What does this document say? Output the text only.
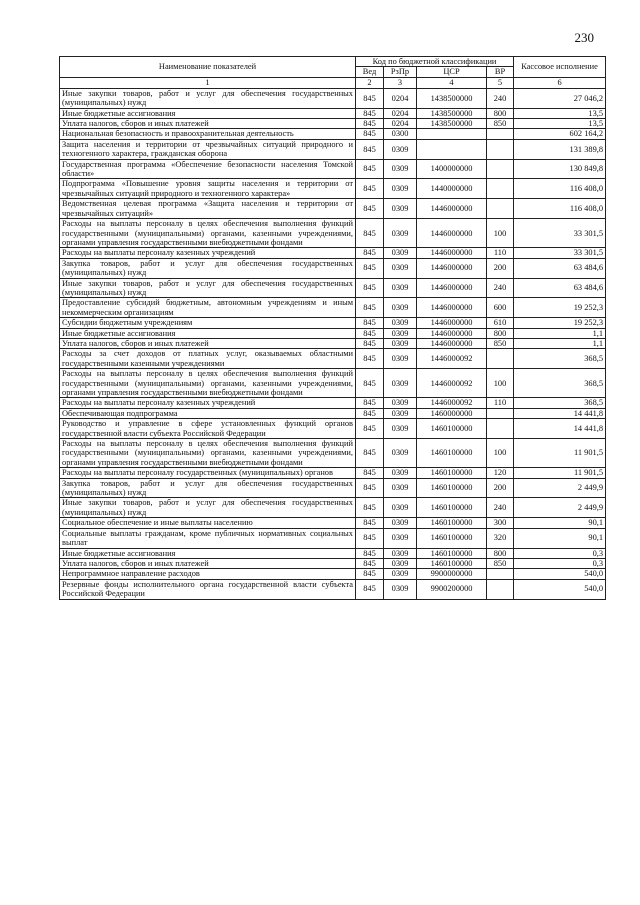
230
Наименование показателей	Код по бюджетной классификации				Кассовое исполнение
	Вед	РзПр	ЦСР	ВР	
1	2	3	4	5	6
Иные закупки товаров, работ и услуг для обеспечения государственных (муниципальных) нужд	845	0204	1438500000	240	27 046,2
Иные бюджетные ассигнования	845	0204	1438500000	800	13,5
Уплата налогов, сборов и иных платежей	845	0204	1438500000	850	13,5
Национальная безопасность и правоохранительная деятельность	845	0300			602 164,2
Защита населения и территории от чрезвычайных ситуаций природного и техногенного характера, гражданская оборона	845	0309			131 389,8
Государственная программа «Обеспечение безопасности населения Томской области»	845	0309	1400000000		130 849,8
Подпрограмма «Повышение уровня защиты населения и территории от чрезвычайных ситуаций природного и техногенного характера»	845	0309	1440000000		116 408,0
Ведомственная целевая программа «Защита населения и территории от чрезвычайных ситуаций»	845	0309	1446000000		116 408,0
Расходы на выплаты персоналу в целях обеспечения выполнения функций государственными (муниципальными) органами, казенными учреждениями, органами управления государственными внебюджетными фондами	845	0309	1446000000	100	33 301,5
Расходы на выплаты персоналу казенных учреждений	845	0309	1446000000	110	33 301,5
Закупка товаров, работ и услуг для обеспечения государственных (муниципальных) нужд	845	0309	1446000000	200	63 484,6
Иные закупки товаров, работ и услуг для обеспечения государственных (муниципальных) нужд	845	0309	1446000000	240	63 484,6
Предоставление субсидий бюджетным, автономным учреждениям и иным некоммерческим организациям	845	0309	1446000000	600	19 252,3
Субсидии бюджетным учреждениям	845	0309	1446000000	610	19 252,3
Иные бюджетные ассигнования	845	0309	1446000000	800	1,1
Уплата налогов, сборов и иных платежей	845	0309	1446000000	850	1,1
Расходы за счет доходов от платных услуг, оказываемых областными государственными казенными учреждениями	845	0309	1446000092		368,5
Расходы на выплаты персоналу в целях обеспечения выполнения функций государственными (муниципальными) органами, казенными учреждениями, органами управления государственными внебюджетными фондами	845	0309	1446000092	100	368,5
Расходы на выплаты персоналу казенных учреждений	845	0309	1446000092	110	368,5
Обеспечивающая подпрограмма	845	0309	1460000000		14 441,8
Руководство и управление в сфере установленных функций органов государственной власти субъекта Российской Федерации	845	0309	1460100000		14 441,8
Расходы на выплаты персоналу в целях обеспечения выполнения функций государственными (муниципальными) органами, казенными учреждениями, органами управления государственными внебюджетными фондами	845	0309	1460100000	100	11 901,5
Расходы на выплаты персоналу государственных (муниципальных) органов	845	0309	1460100000	120	11 901,5
Закупка товаров, работ и услуг для обеспечения государственных (муниципальных) нужд	845	0309	1460100000	200	2 449,9
Иные закупки товаров, работ и услуг для обеспечения государственных (муниципальных) нужд	845	0309	1460100000	240	2 449,9
Социальное обеспечение и иные выплаты населению	845	0309	1460100000	300	90,1
Социальные выплаты гражданам, кроме публичных нормативных социальных выплат	845	0309	1460100000	320	90,1
Иные бюджетные ассигнования	845	0309	1460100000	800	0,3
Уплата налогов, сборов и иных платежей	845	0309	1460100000	850	0,3
Непрограммное направление расходов	845	0309	9900000000		540,0
Резервные фонды исполнительного органа государственной власти субъекта Российской Федерации	845	0309	9900200000		540,0
